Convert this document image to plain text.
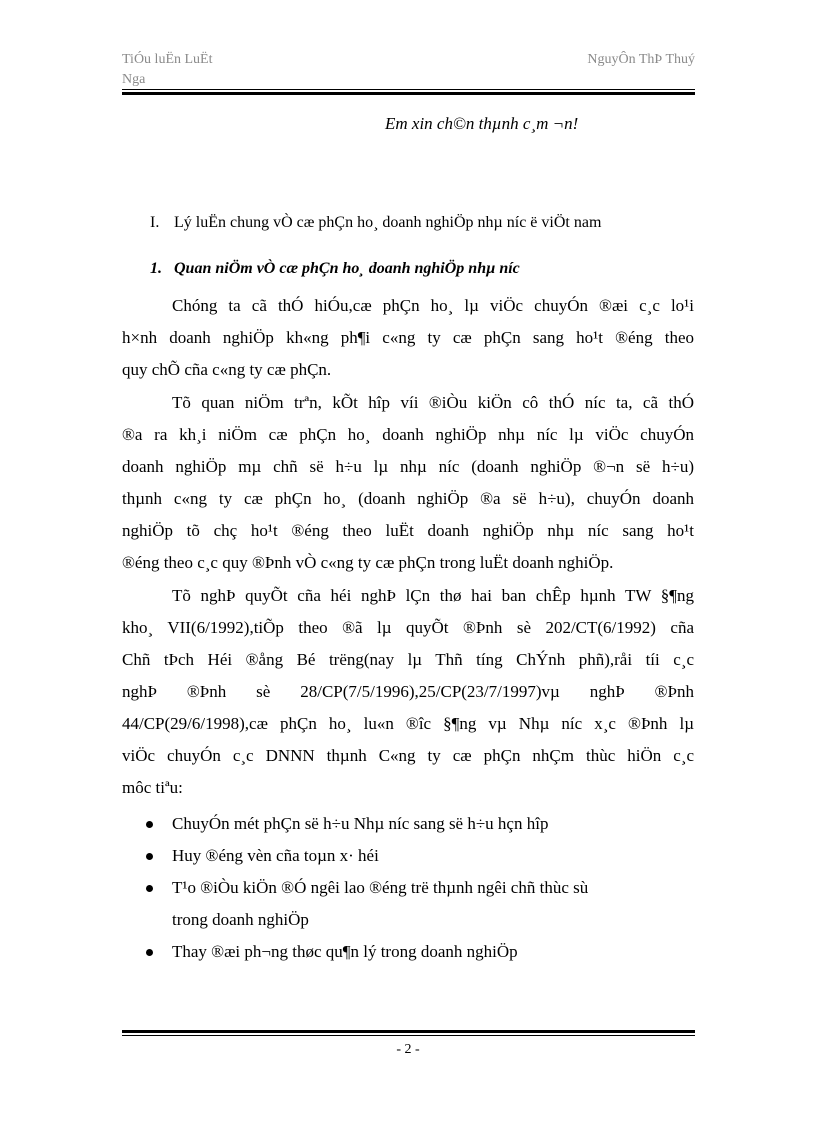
TiÓu luËn LuËt
Nga
NguyÔn ThÞ Thuý
Em xin ch©n thµnh c¸m ¬n!
I. Lý luËn chung vÒ cæ phÇn ho¸ doanh nghiÖp nhµ níc ë viÖt nam
1. Quan niÖm vÒ cæ phÇn ho¸ doanh nghiÖp nhµ níc
Chóng ta cã thÓ hiÓu,cæ phÇn ho¸ lµ viÖc chuyÓn ®æi c¸c lo¹i
h×nh doanh nghiÖp kh«ng ph¶i c«ng ty cæ phÇn sang ho¹t ®éng theo
quy chÕ cña c«ng ty cæ phÇn.
Tõ quan niÖm trªn, kÕt hîp víi ®iÒu kiÖn cô thÓ níc ta, cã thÓ
®a ra kh¸i niÖm cæ phÇn ho¸ doanh nghiÖp nhµ níc lµ viÖc chuyÓn
doanh nghiÖp mµ chñ së h÷u lµ nhµ níc (doanh nghiÖp ®¬n së h÷u)
thµnh c«ng ty cæ phÇn ho¸ (doanh nghiÖp ®a së h÷u), chuyÓn doanh
nghiÖp tõ chç ho¹t ®éng theo luËt doanh nghiÖp nhµ níc sang ho¹t
®éng theo c¸c quy ®Þnh vÒ c«ng ty cæ phÇn trong luËt doanh nghiÖp.
Tõ nghÞ quyÕt cña héi nghÞ lÇn thø hai ban chÊp hµnh TW §¶ng
kho¸ VII(6/1992),tiÕp theo ®ã lµ quyÕt ®Þnh sè 202/CT(6/1992) cña
Chñ tÞch Héi ®ång Bé trëng(nay lµ Thñ tíng ChÝnh phñ),råi tíi c¸c
nghÞ ®Þnh sè 28/CP(7/5/1996),25/CP(23/7/1997)vµ nghÞ ®Þnh
44/CP(29/6/1998),cæ phÇn ho¸ lu«n ®îc §¶ng vµ Nhµ níc x¸c ®Þnh lµ
viÖc chuyÓn c¸c DNNN thµnh C«ng ty cæ phÇn nhÇm thùc hiÖn c¸c
môc tiªu:
ChuyÓn mét phÇn së h÷u Nhµ níc sang së h÷u hçn hîp
Huy ®éng vèn cña toµn x· héi
T¹o ®iÒu kiÖn ®Ó ngêi lao ®éng trë thµnh ngêi chñ thùc sù
trong doanh nghiÖp
Thay ®æi ph¬ng thøc qu¶n lý trong doanh nghiÖp
- 2 -
